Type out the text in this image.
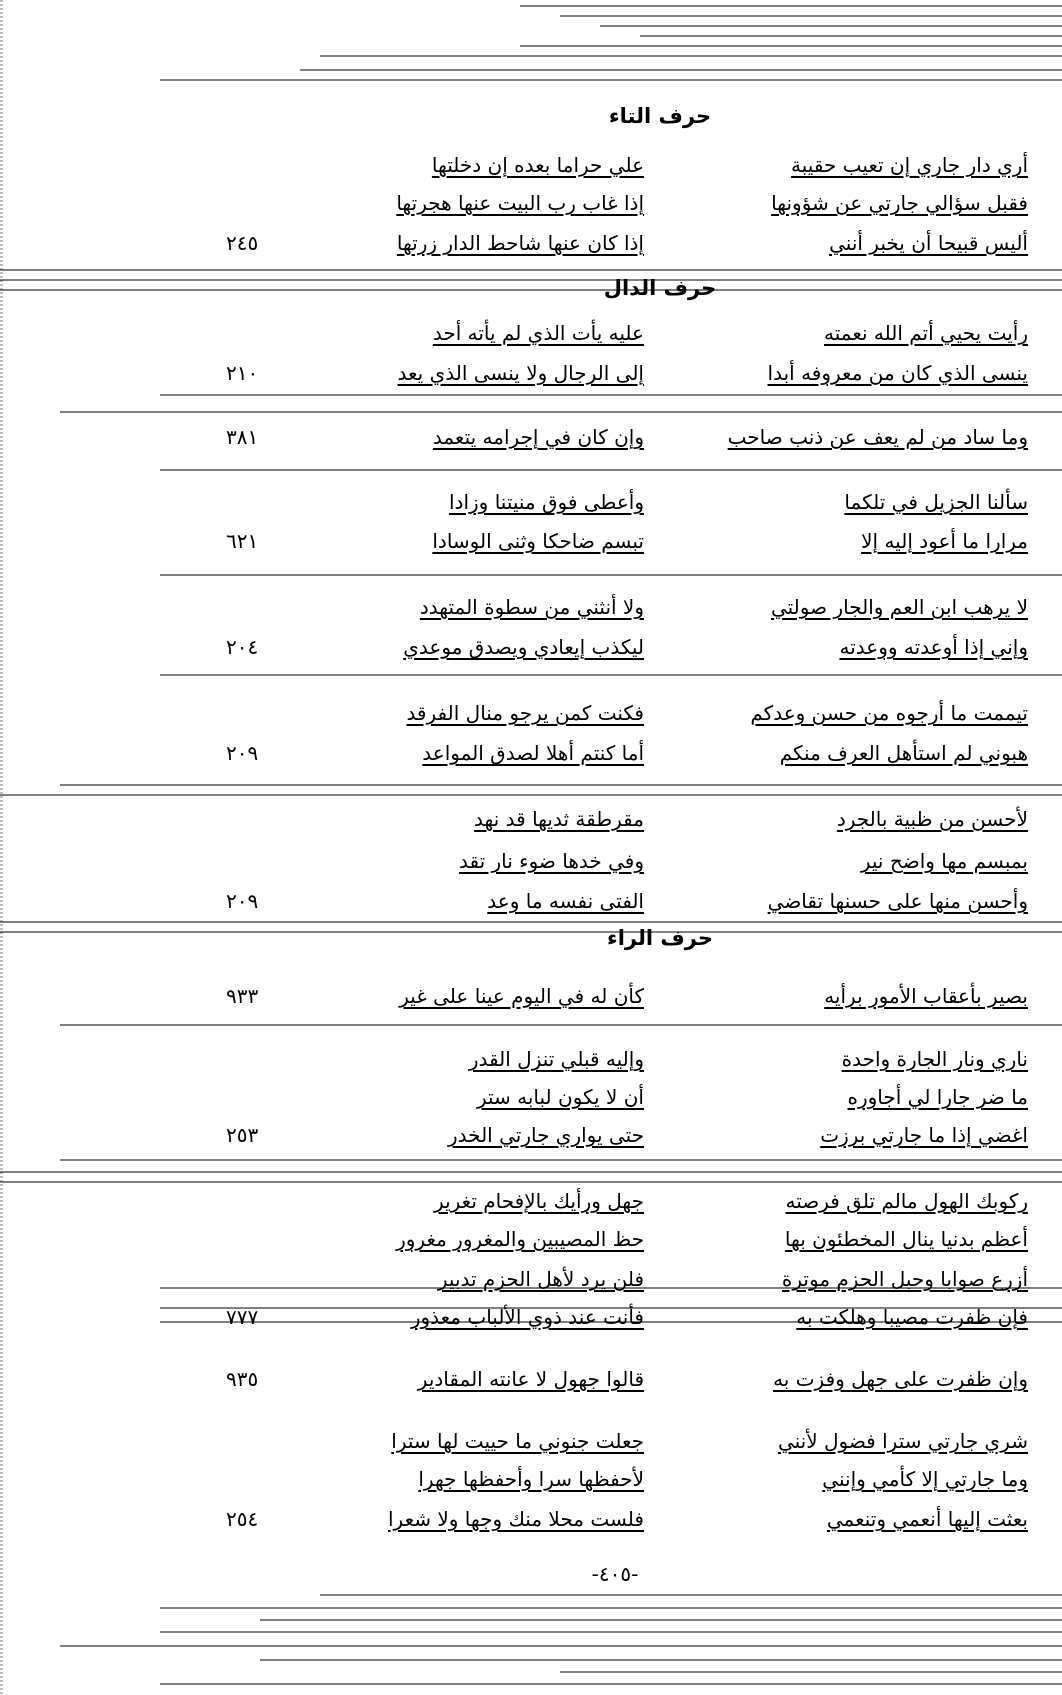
حرف التاء
حرف الدال
حرف الراء
أري دار جاري إن تعيب حقيبة
علي حراما بعده إن دخلتها
فقبل سؤالي جارتي عن شؤونها
إذا غاب رب البيت عنها هجرتها
أليس قبيحا أن يخبر أنني
إذا كان عنها شاحط الدار زرتها
٢٤٥
رأيت يحيي أتم الله نعمته
عليه يأت الذي لم يأته أحد
ينسى الذي كان من معروفه أبدا
إلى الرجال ولا ينسى الذي يعد
٢١٠
وما ساد من لم يعف عن ذنب صاحب
وإن كان في إجرامه يتعمد
٣٨١
سألنا الجزيل في تلكما
وأعطى فوق منيتنا وزادا
مرارا ما أعود إليه إلا
تبسم ضاحكا وثنى الوسادا
٦٢١
لا يرهب ابن العم والجار صولتي
ولا أنثني من سطوة المتهدد
وإني إذا أوعدته ووعدته
ليكذب إيعادي ويصدق موعدي
٢٠٤
تيممت ما أرجوه من حسن وعدكم
فكنت كمن يرجو منال الفرقد
هبوني لم استأهل العرف منكم
أما كنتم أهلا لصدق المواعد
٢٠٩
لأحسن من ظبية بالجرد
مقرطقة ثديها قد نهد
بمبسم مها واضح نير
وفي خدها ضوء نار تقد
وأحسن منها على حسنها تقاضي
الفتى نفسه ما وعد
٢٠٩
بصير بأعقاب الأمور برأيه
كأن له في اليوم عينا على غير
٩٣٣
ناري ونار الجارة واحدة
وإليه قبلي تنزل القدر
ما ضر جارا لي أجاوره
أن لا يكون لبابه ستر
اغضي إذا ما جارتي برزت
حتى يواري جارتي الخدر
٢٥٣
ركوبك الهول مالم تلق فرصته
جهل ورأيك بالإفحام تغرير
أعظم بدنيا ينال المخطئون بها
حظ المصيبين والمغرور مغرور
أزرع صوابا وحبل الحزم موترة
فلن يرد لأهل الحزم تدبير
فإن ظفرت مصيبا وهلكت به
فأنت عند ذوي الألباب معذور
٧٧٧
وإن ظفرت على جهل وفزت به
قالوا جهول لا عانته المقادير
٩٣٥
شري جارتي سترا فضول لأنني
جعلت جنوني ما حييت لها سترا
وما جارتي إلا كأمي وإنني
لأحفظها سرا وأحفظها جهرا
بعثت إليها أنعمي وتنعمي
فلست محلا منك وجها ولا شعرا
٢٥٤
-٤٠٥-
